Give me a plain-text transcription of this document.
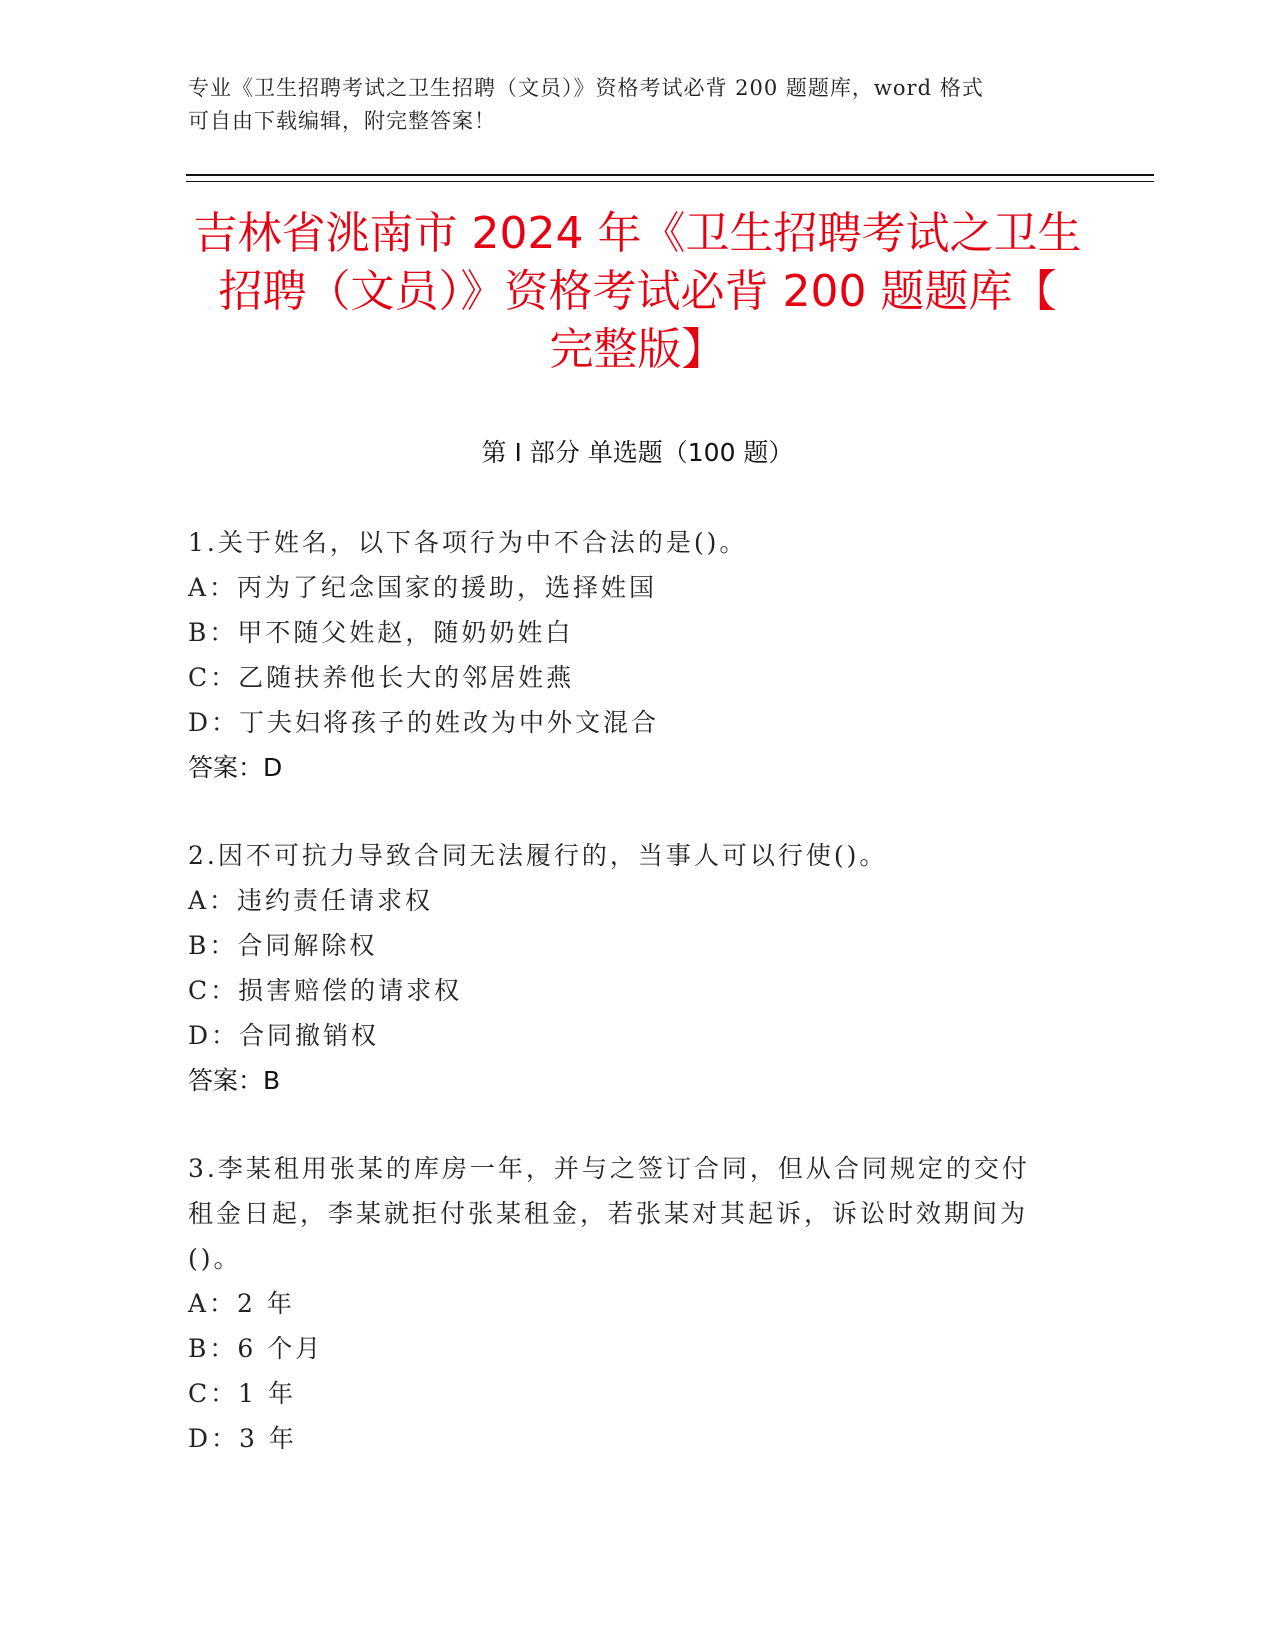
专业《卫生招聘考试之卫生招聘（文员）》资格考试必背 200 题题库，word 格式
可自由下载编辑，附完整答案！
吉林省洮南市 2024 年《卫生招聘考试之卫生
招聘（文员）》资格考试必背 200 题题库【
完整版】
第 I 部分 单选题（100 题）
1.关于姓名，以下各项行为中不合法的是()。
A：丙为了纪念国家的援助，选择姓国
B：甲不随父姓赵，随奶奶姓白
C：乙随扶养他长大的邻居姓燕
D：丁夫妇将孩子的姓改为中外文混合
答案：D
2.因不可抗力导致合同无法履行的，当事人可以行使()。
A：违约责任请求权
B：合同解除权
C：损害赔偿的请求权
D：合同撤销权
答案：B
3.李某租用张某的库房一年，并与之签订合同，但从合同规定的交付
租金日起，李某就拒付张某租金，若张某对其起诉，诉讼时效期间为
()。
A：2 年
B：6 个月
C：1 年
D：3 年
